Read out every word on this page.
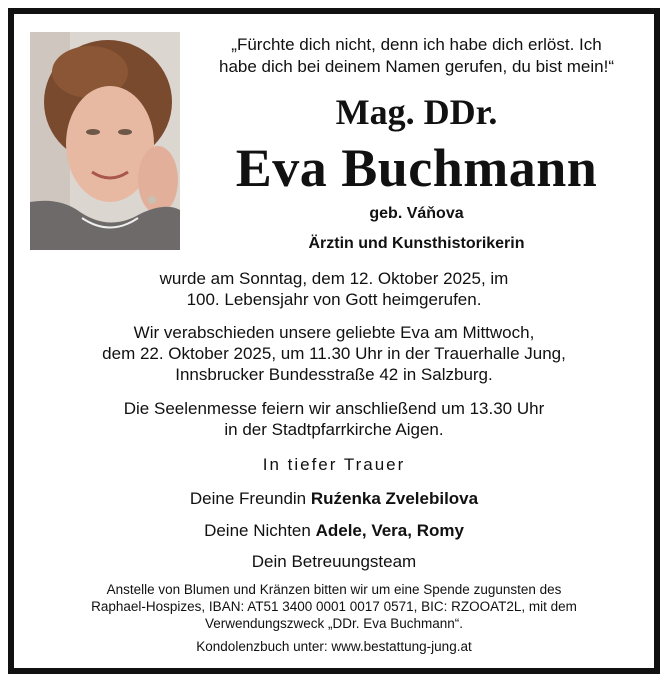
„Fürchte dich nicht, denn ich habe dich erlöst. Ich
habe dich bei deinem Namen gerufen, du bist mein!“
Mag. DDr.
Eva Buchmann
geb. Váňova
Ärztin und Kunsthistorikerin
wurde am Sonntag, dem 12. Oktober 2025, im
100. Lebensjahr von Gott heimgerufen.
Wir verabschieden unsere geliebte Eva am Mittwoch,
dem 22. Oktober 2025, um 11.30 Uhr in der Trauerhalle Jung,
Innsbrucker Bundesstraße 42 in Salzburg.
Die Seelenmesse feiern wir anschließend um 13.30 Uhr
in der Stadtpfarrkirche Aigen.
In tiefer Trauer
Deine Freundin Ruźenka Zvelebilova
Deine Nichten Adele, Vera, Romy
Dein Betreuungsteam
Anstelle von Blumen und Kränzen bitten wir um eine Spende zugunsten des
Raphael-Hospizes, IBAN: AT51 3400 0001 0017 0571, BIC: RZOOAT2L, mit dem
Verwendungszweck „DDr. Eva Buchmann“.
Kondolenzbuch unter: www.bestattung-jung.at
